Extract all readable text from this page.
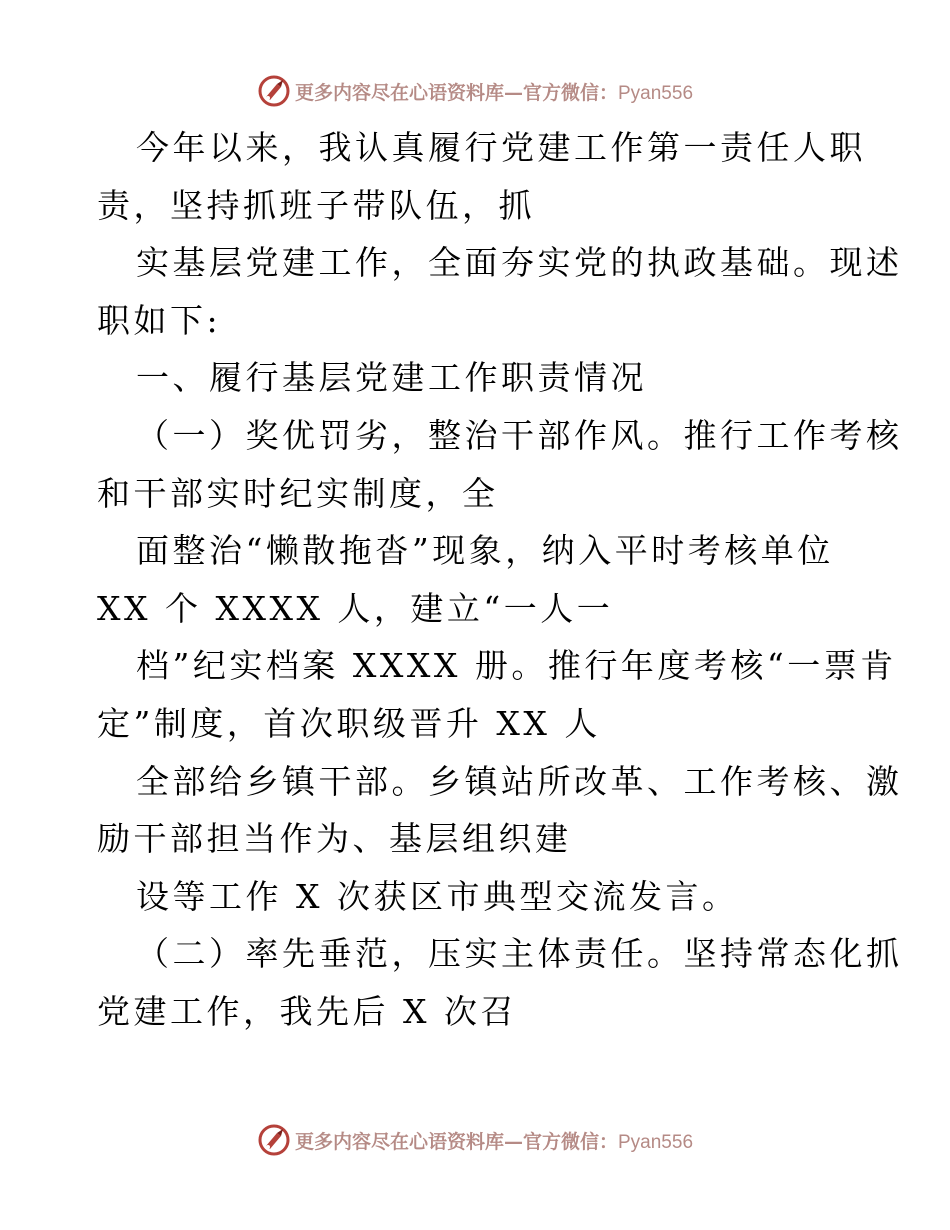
更多内容尽在心语资料库—官方微信：Pyan556
今年以来，我认真履行党建工作第一责任人职
责，坚持抓班子带队伍，抓
实基层党建工作，全面夯实党的执政基础。现述
职如下:
一、履行基层党建工作职责情况
（一）奖优罚劣，整治干部作风。推行工作考核
和干部实时纪实制度，全
面整治“懒散拖沓”现象，纳入平时考核单位
XX 个 XXXX 人，建立“一人一
档”纪实档案 XXXX 册。推行年度考核“一票肯
定”制度，首次职级晋升 XX 人
全部给乡镇干部。乡镇站所改革、工作考核、激
励干部担当作为、基层组织建
设等工作 X 次获区市典型交流发言。
（二）率先垂范，压实主体责任。坚持常态化抓
党建工作，我先后 X 次召
更多内容尽在心语资料库—官方微信：Pyan556
